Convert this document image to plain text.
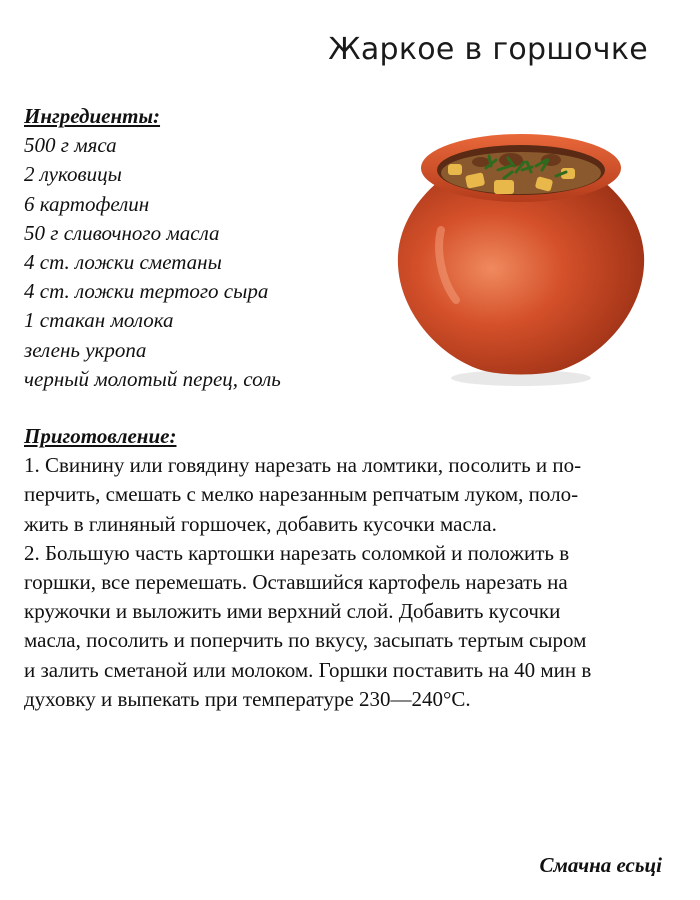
Жаркое в горшочке
Ингредиенты:
500 г мяса
2 луковицы
6 картофелин
50 г сливочного масла
4 ст. ложки сметаны
4 ст. ложки тертого сыра
1 стакан молока
зелень укропа
черный молотый перец, соль
Приготовление:
1. Свинину или говядину нарезать на ломтики, посолить и по-
перчить, смешать с мелко нарезанным репчатым луком, поло-
жить в глиняный горшочек, добавить кусочки масла.
2. Большую часть картошки нарезать соломкой и положить в
горшки, все перемешать. Оставшийся картофель нарезать на
кружочки и выложить ими верхний слой. Добавить кусочки
масла, посолить и поперчить по вкусу, засыпать тертым сыром
и залить сметаной или молоком. Горшки поставить на 40 мин в
духовку и выпекать при температуре 230—240°С.
Смачна есьці
